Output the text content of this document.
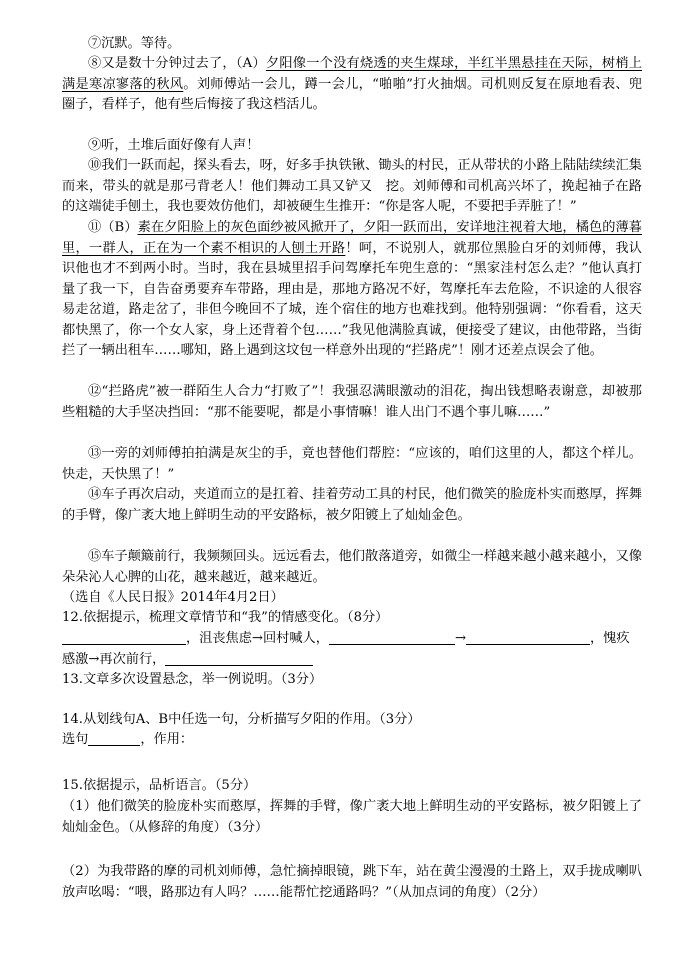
⑦沉默。等待。

⑧又是数十分钟过去了，（A）夕阳像一个没有烧透的夹生煤球，半红半黑悬挂在天际，树梢上满是寒凉寥落的秋风。刘师傅站一会儿，蹲一会儿，“啪啪”打火抽烟。司机则反复在原地看表、兜圈子，看样子，他有些后悔接了我这档活儿。

⑨听，土堆后面好像有人声！

⑩我们一跃而起，探头看去，呀，好多手执铁锹、锄头的村民，正从带状的小路上陆陆续续汇集而来，带头的就是那弓背老人！他们舞动工具又铲又　挖。刘师傅和司机高兴坏了，挽起袖子在路的这端徒手刨土，我也要效仿他们，却被硬生生推开：“你是客人呢，不要把手弄脏了！”

⑪（B）素在夕阳脸上的灰色面纱被风掀开了，夕阳一跃而出，安详地注视着大地，橘色的薄暮里，一群人，正在为一个素不相识的人刨土开路！呵，不说别人，就那位黑脸白牙的刘师傅，我认识他也才不到两小时。当时，我在县城里招手问驾摩托车兜生意的：“黑家洼村怎么走？”他认真打量了我一下，自告奋勇要弃车带路，理由是，那地方路况不好，驾摩托车去危险，不识途的人很容易走岔道，路走岔了，非但今晚回不了城，连个宿住的地方也难找到。他特别强调：“你看看，这天都快黑了，你一个女人家，身上还背着个包……”我见他满脸真诚，便接受了建议，由他带路，当街拦了一辆出租车……哪知，路上遇到这坟包一样意外出现的“拦路虎”！刚才还差点误会了他。

⑫“拦路虎”被一群陌生人合力“打败了”！我强忍满眼激动的泪花，掏出钱想略表谢意，却被那些粗糙的大手坚决挡回：“那不能要呢，都是小事情嘛！谁人出门不遇个事儿嘛……”

⑬一旁的刘师傅拍拍满是灰尘的手，竟也替他们帮腔：“应该的，咱们这里的人，都这个样儿。快走，天快黑了！”

⑭车子再次启动，夹道而立的是扛着、挂着劳动工具的村民，他们微笑的脸庞朴实而憨厚，挥舞的手臂，像广袤大地上鲜明生动的平安路标，被夕阳镀上了灿灿金色。

⑮车子颠簸前行，我频频回头。远远看去，他们散落道旁，如微尘一样越来越小越来越小，又像朵朵沁人心脾的山花，越来越近，越来越近。

（选自《人民日报》2014年4月2日）

12.依据提示，梳理文章情节和“我”的情感变化。（8分）

，沮丧焦虑→回村喊人，	→	，愧疚

感激→再次前行，

13.文章多次设置悬念，举一例说明。（3分）

14.从划线句A、B中任选一句，分析描写夕阳的作用。（3分）

选句	，作用：

15.依据提示，品析语言。（5分）

（1）他们微笑的脸庞朴实而憨厚，挥舞的手臂，像广袤大地上鲜明生动的平安路标，被夕阳镀上了灿灿金色。（从修辞的角度）（3分）

（2）为我带路的摩的司机刘师傅，急忙摘掉眼镜，跳下车，站在黄尘漫漫的土路上，双手拢成喇叭放声吆喝：“喂，路那边有人吗？……能帮忙挖通路吗？”（从加点词的角度）（2分）
